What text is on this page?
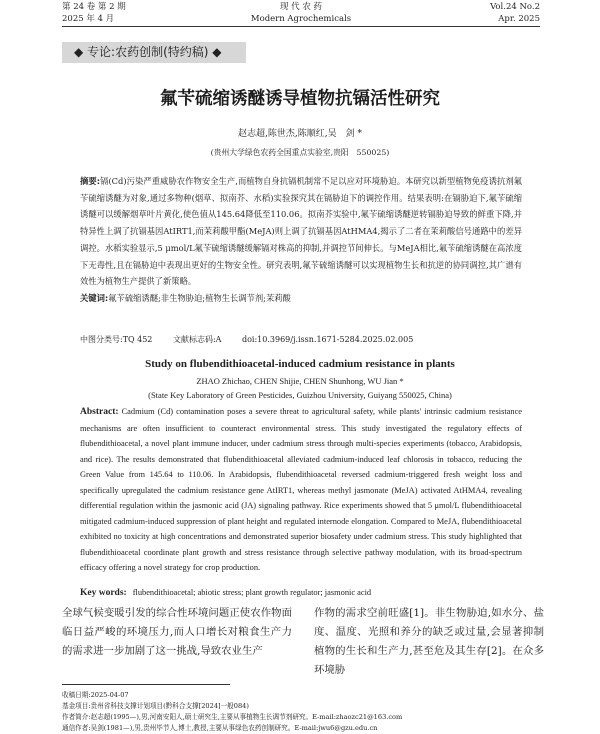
第 24 卷 第 2 期	现 代 农 药	Vol.24 No.2
2025 年 4 月	Modern Agrochemicals	Apr. 2025
◆ 专论:农药创制(特约稿) ◆
氟苄硫缩诱醚诱导植物抗镉活性研究
赵志超,陈世杰,陈顺红,吴　剑 *
(贵州大学绿色农药全国重点实验室,贵阳　550025)
摘要:镉(Cd)污染严重威胁农作物安全生产,而植物自身抗镉机制常不足以应对环境胁迫。本研究以新型植物免疫诱抗剂氟苄硫缩诱醚为对象,通过多物种(烟草、拟南芥、水稻)实验探究其在镉胁迫下的调控作用。结果表明:在镉胁迫下,氟苄硫缩诱醚可以缓解烟草叶片黄化,使色值从145.64降低至110.06。拟南芥实验中,氟苄硫缩诱醚逆转镉胁迫导致的鲜重下降,并特异性上调了抗镉基因AtIRT1,而茉莉酸甲酯(MeJA)则上调了抗镉基因AtHMA4,揭示了二者在茉莉酸信号通路中的差异调控。水稻实验显示,5 μmol/L氟苄硫缩诱醚缓解镉对株高的抑制,并调控节间伸长。与MeJA相比,氟苄硫缩诱醚在高浓度下无毒性,且在镉胁迫中表现出更好的生物安全性。研究表明,氟苄硫缩诱醚可以实现植物生长和抗逆的协同调控,其广谱有效性为植物生产提供了新策略。
关键词:氟苄硫缩诱醚;非生物胁迫;植物生长调节剂;茉莉酸
中图分类号:TQ 452	文献标志码:A	doi:10.3969/j.issn.1671-5284.2025.02.005
Study on flubendithioacetal-induced cadmium resistance in plants
ZHAO Zhichao, CHEN Shijie, CHEN Shunhong, WU Jian *
(State Key Laboratory of Green Pesticides, Guizhou University, Guiyang 550025, China)
Abstract: Cadmium (Cd) contamination poses a severe threat to agricultural safety, while plants' intrinsic cadmium resistance mechanisms are often insufficient to counteract environmental stress. This study investigated the regulatory effects of flubendithioacetal, a novel plant immune inducer, under cadmium stress through multi-species experiments (tobacco, Arabidopsis, and rice). The results demonstrated that flubendithioacetal alleviated cadmium-induced leaf chlorosis in tobacco, reducing the Green Value from 145.64 to 110.06. In Arabidopsis, flubendithioacetal reversed cadmium-triggered fresh weight loss and specifically upregulated the cadmium resistance gene AtIRT1, whereas methyl jasmonate (MeJA) activated AtHMA4, revealing differential regulation within the jasmonic acid (JA) signaling pathway. Rice experiments showed that 5 μmol/L flubendithioacetal mitigated cadmium-induced suppression of plant height and regulated internode elongation. Compared to MeJA, flubendithioacetal exhibited no toxicity at high concentrations and demonstrated superior biosafety under cadmium stress. This study highlighted that flubendithioacetal coordinate plant growth and stress resistance through selective pathway modulation, with its broad-spectrum efficacy offering a novel strategy for crop production.
Key words: flubendithioacetal; abiotic stress; plant growth regulator; jasmonic acid
全球气候变暖引发的综合性环境问题正使农作物面临日益严峻的环境压力,而人口增长对粮食生产力的需求进一步加剧了这一挑战,导致农业生产
作物的需求空前旺盛[1]。非生物胁迫,如水分、盐度、温度、光照和养分的缺乏或过量,会显著抑制植物的生长和生产力,甚至危及其生存[2]。在众多环境胁
收稿日期:2025-04-07
基金项目:贵州省科技支撑计划项目(黔科合支撑[2024]一般084)
作者简介:赵志超(1995—),男,河南安阳人,硕士研究生,主要从事植物生长调节剂研究。E-mail:zhaozc21@163.com
通信作者:吴剑(1981—),男,贵州毕节人,博士,教授,主要从事绿色农药创制研究。E-mail:jwu6@gzu.edu.cn
